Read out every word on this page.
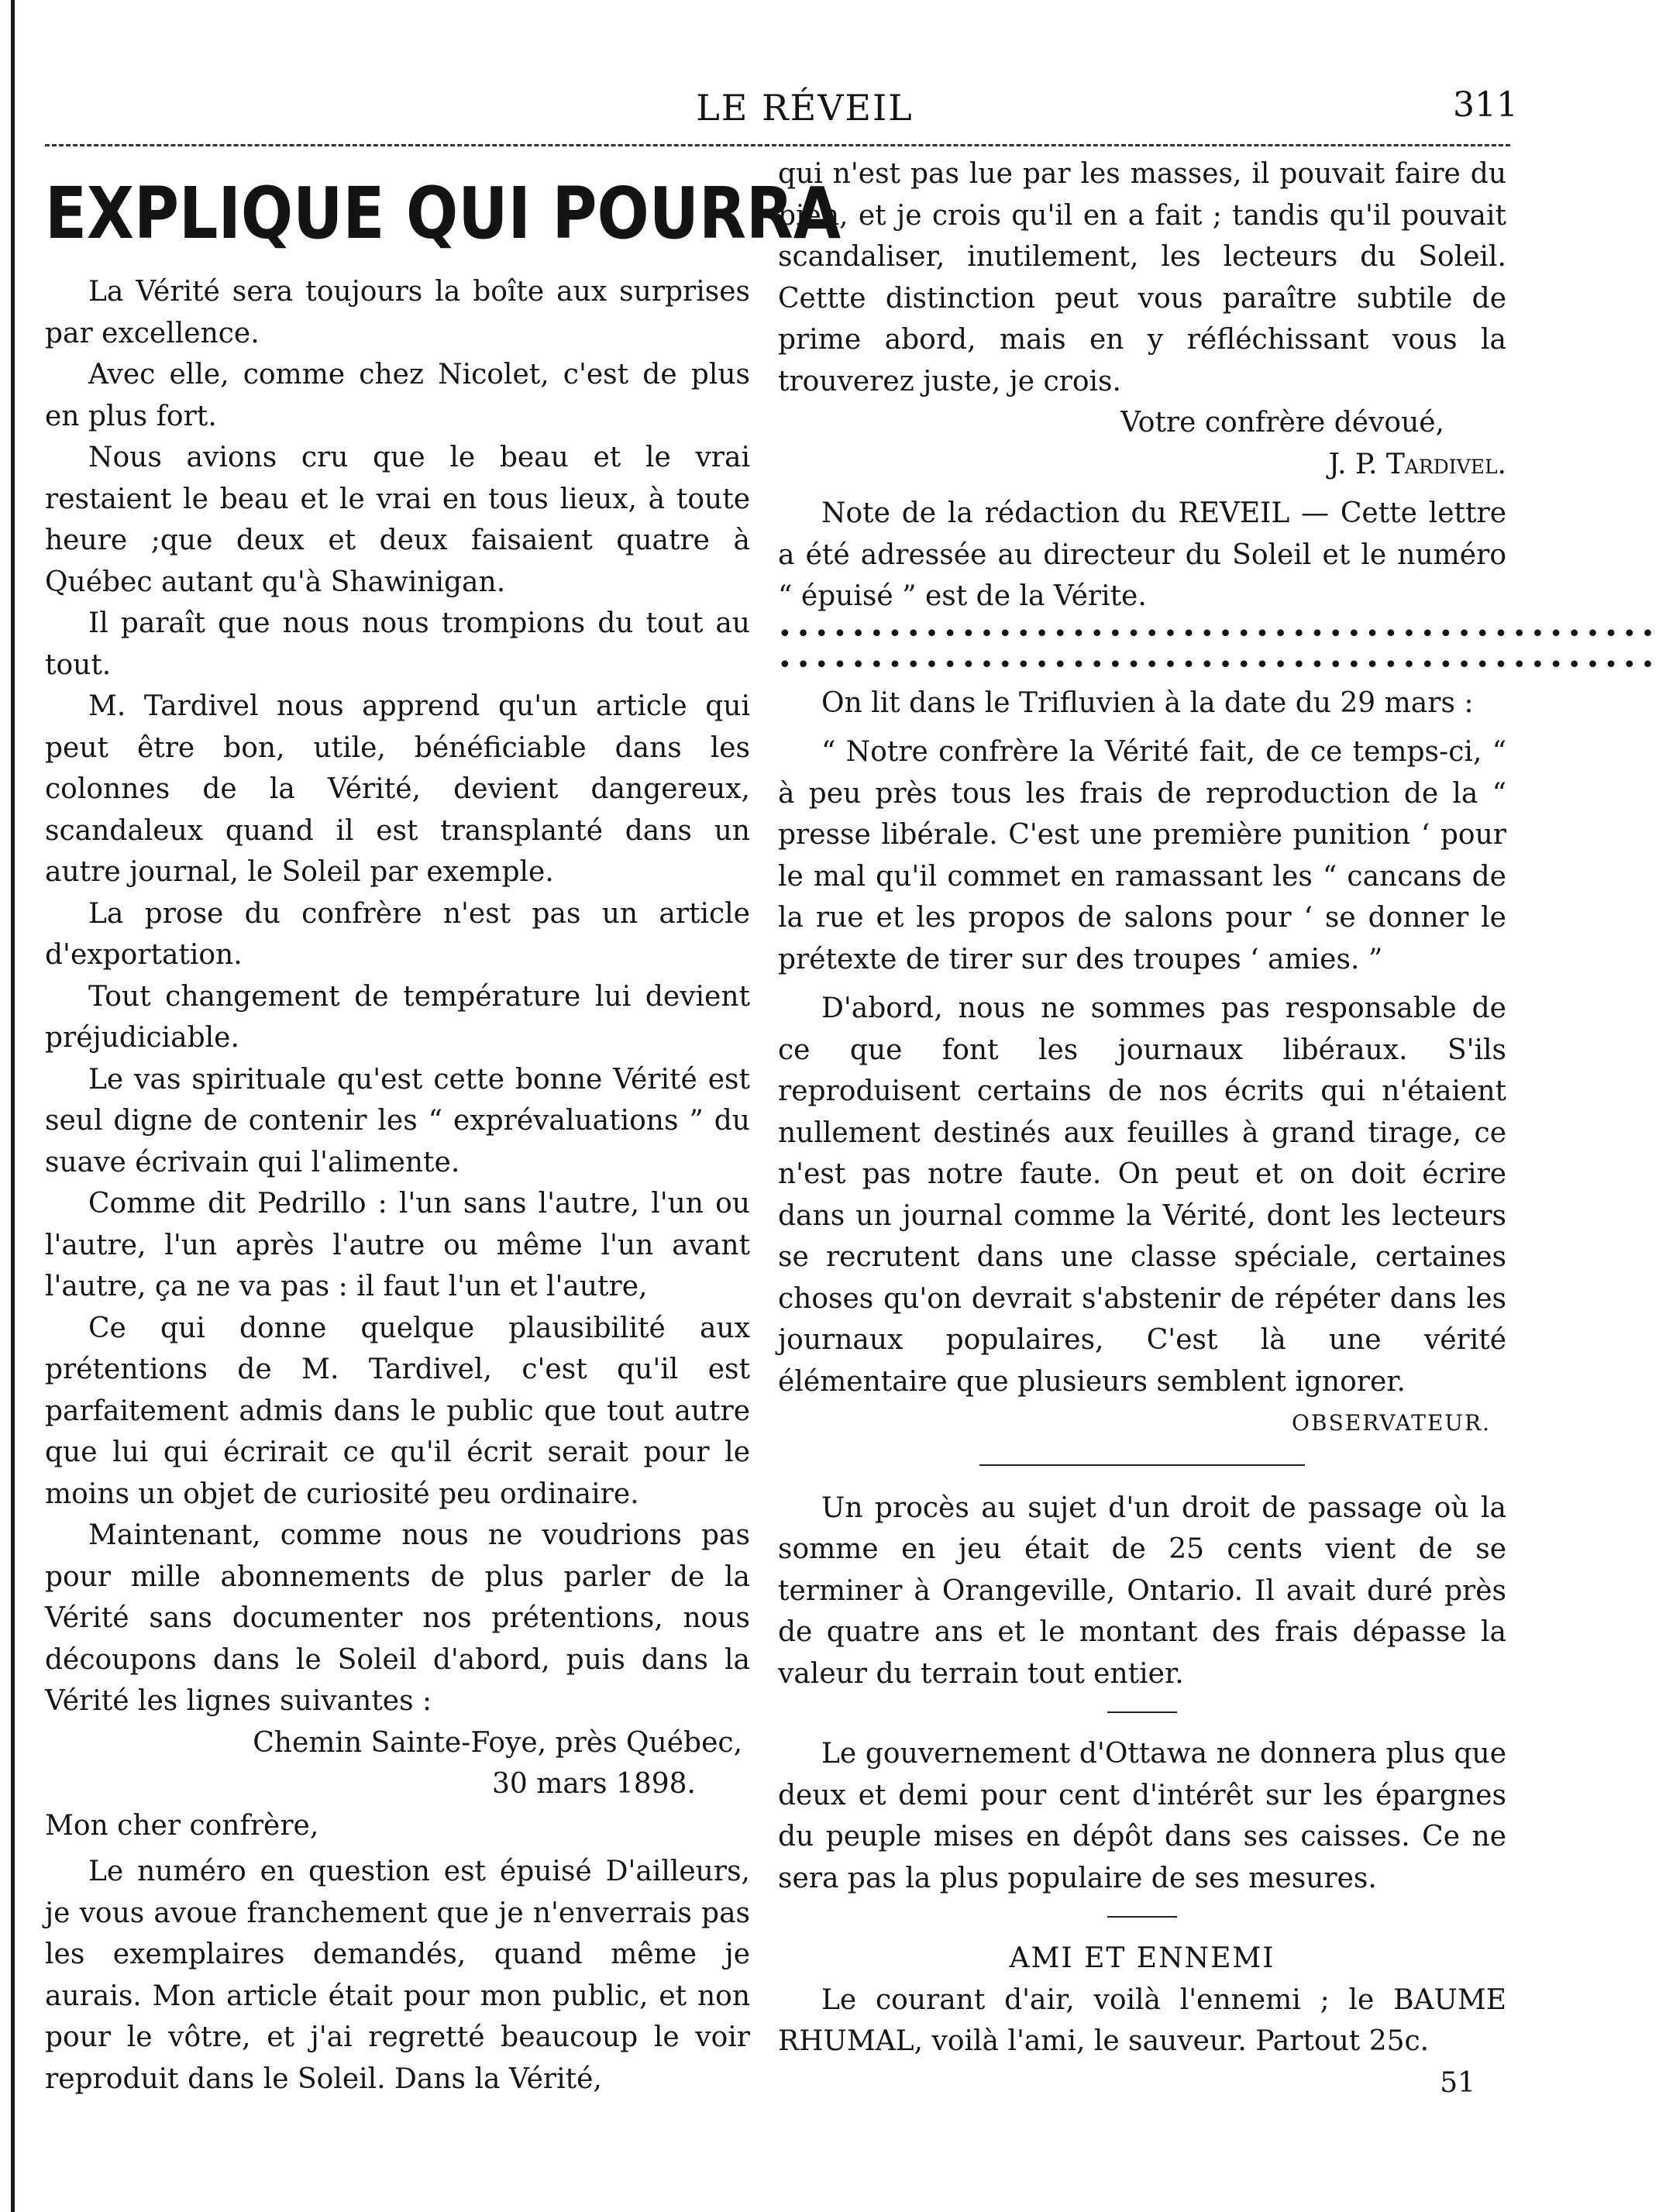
LE RÉVEIL	311
EXPLIQUE QUI POURRA

La Vérité sera toujours la boîte aux surprises par excellence.

Avec elle, comme chez Nicolet, c'est de plus en plus fort.

Nous avions cru que le beau et le vrai restaient le beau et le vrai en tous lieux, à toute heure ;que deux et deux faisaient quatre à Québec autant qu'à Shawinigan.

Il paraît que nous nous trompions du tout au tout.

M. Tardivel nous apprend qu'un article qui peut être bon, utile, bénéficiable dans les colonnes de la Vérité, devient dangereux, scandaleux quand il est transplanté dans un autre journal, le Soleil par exemple.

La prose du confrère n'est pas un article d'exportation.

Tout changement de température lui devient préjudiciable.

Le vas spirituale qu'est cette bonne Vérité est seul digne de contenir les “ exprévaluations ” du suave écrivain qui l'alimente.

Comme dit Pedrillo : l'un sans l'autre, l'un ou l'autre, l'un après l'autre ou même l'un avant l'autre, ça ne va pas : il faut l'un et l'autre,

Ce qui donne quelque plausibilité aux prétentions de M. Tardivel, c'est qu'il est parfaitement admis dans le public que tout autre que lui qui écrirait ce qu'il écrit serait pour le moins un objet de curiosité peu ordinaire.

Maintenant, comme nous ne voudrions pas pour mille abonnements de plus parler de la Vérité sans documenter nos prétentions, nous découpons dans le Soleil d'abord, puis dans la Vérité les lignes suivantes :

Chemin Sainte-Foye, près Québec,

30 mars 1898.

Mon cher confrère,

Le numéro en question est épuisé D'ailleurs, je vous avoue franchement que je n'enverrais pas les exemplaires demandés, quand même je aurais. Mon article était pour mon public, et non pour le vôtre, et j'ai regretté beaucoup le voir reproduit dans le Soleil. Dans la Vérité,

qui n'est pas lue par les masses, il pouvait faire du bien, et je crois qu'il en a fait ; tandis qu'il pouvait scandaliser, inutilement, les lecteurs du Soleil. Cettte distinction peut vous paraître subtile de prime abord, mais en y réfléchissant vous la trouverez juste, je crois.

Votre confrère dévoué,

J. P. Tardivel.

Note de la rédaction du REVEIL — Cette lettre a été adressée au directeur du Soleil et le numéro “ épuisé ” est de la Vérite.

••••••••••••••••••••••••••••••••••••••••••••••••
••••••••••••••••••••••••••••••••••••••••••••••••

On lit dans le Trifluvien à la date du 29 mars :

“ Notre confrère la Vérité fait, de ce temps-ci, “ à peu près tous les frais de reproduction de la “ presse libérale. C'est une première punition ‘ pour le mal qu'il commet en ramassant les “ cancans de la rue et les propos de salons pour ‘ se donner le prétexte de tirer sur des troupes ‘ amies. ”

D'abord, nous ne sommes pas responsable de ce que font les journaux libéraux. S'ils reproduisent certains de nos écrits qui n'étaient nullement destinés aux feuilles à grand tirage, ce n'est pas notre faute. On peut et on doit écrire dans un journal comme la Vérité, dont les lecteurs se recrutent dans une classe spéciale, certaines choses qu'on devrait s'abstenir de répéter dans les journaux populaires, C'est là une vérité élémentaire que plusieurs semblent ignorer.

OBSERVATEUR.

Un procès au sujet d'un droit de passage où la somme en jeu était de 25 cents vient de se terminer à Orangeville, Ontario. Il avait duré près de quatre ans et le montant des frais dépasse la valeur du terrain tout entier.

Le gouvernement d'Ottawa ne donnera plus que deux et demi pour cent d'intérêt sur les épargnes du peuple mises en dépôt dans ses caisses. Ce ne sera pas la plus populaire de ses mesures.

AMI ET ENNEMI

Le courant d'air, voilà l'ennemi ; le BAUME RHUMAL, voilà l'ami, le sauveur. Partout 25c.

51
